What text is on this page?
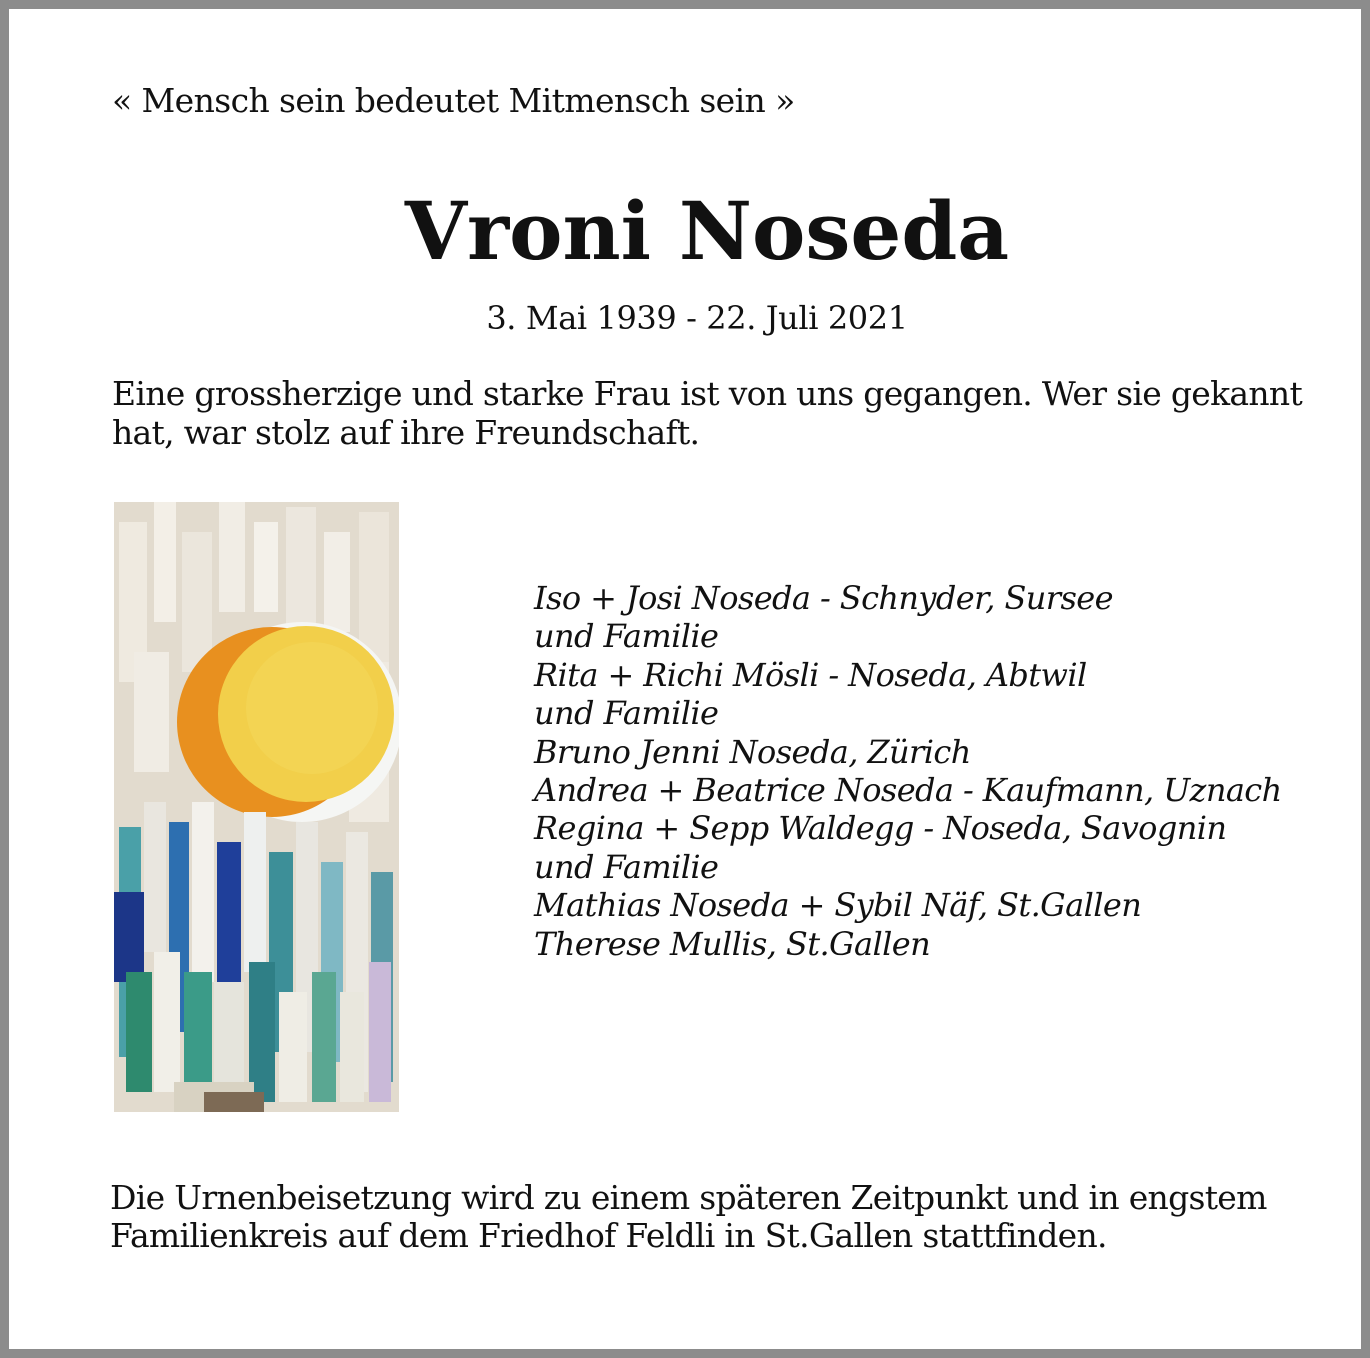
« Mensch sein bedeutet Mitmensch sein »
Vroni Noseda
3. Mai 1939 - 22. Juli 2021
Eine grossherzige und starke Frau ist von uns gegangen. Wer sie gekannt hat, war stolz auf ihre Freundschaft.
Iso + Josi Noseda - Schnyder, Sursee
und Familie
Rita + Richi Mösli - Noseda, Abtwil
und Familie
Bruno Jenni Noseda, Zürich
Andrea + Beatrice Noseda - Kaufmann, Uznach
Regina + Sepp Waldegg - Noseda, Savognin
und Familie
Mathias Noseda + Sybil Näf, St.Gallen
Therese Mullis, St.Gallen
Die Urnenbeisetzung wird zu einem späteren Zeitpunkt und in engstem Familienkreis auf dem Friedhof Feldli in St.Gallen stattfinden.
